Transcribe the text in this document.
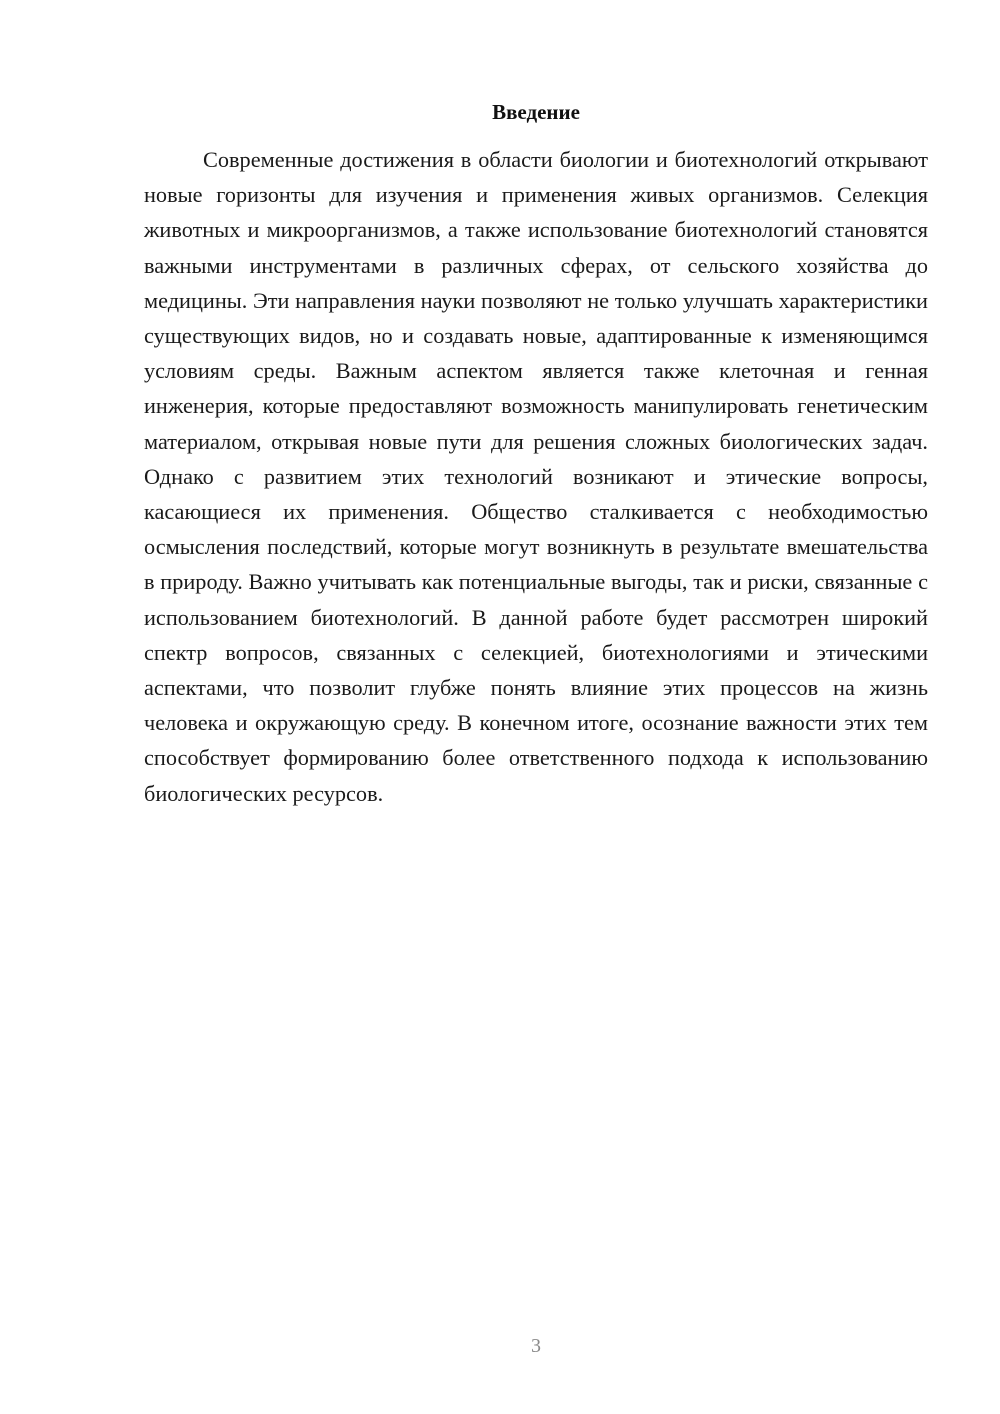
Введение

Современные достижения в области биологии и биотехнологий открывают новые горизонты для изучения и применения живых организмов. Селекция животных и микроорганизмов, а также использование биотехнологий становятся важными инструментами в различных сферах, от сельского хозяйства до медицины. Эти направления науки позволяют не только улучшать характеристики существующих видов, но и создавать новые, адаптированные к изменяющимся условиям среды. Важным аспектом является также клеточная и генная инженерия, которые предоставляют возможность манипулировать генетическим материалом, открывая новые пути для решения сложных биологических задач. Однако с развитием этих технологий возникают и этические вопросы, касающиеся их применения. Общество сталкивается с необходимостью осмысления последствий, которые могут возникнуть в результате вмешательства в природу. Важно учитывать как потенциальные выгоды, так и риски, связанные с использованием биотехнологий. В данной работе будет рассмотрен широкий спектр вопросов, связанных с селекцией, биотехнологиями и этическими аспектами, что позволит глубже понять влияние этих процессов на жизнь человека и окружающую среду. В конечном итоге, осознание важности этих тем способствует формированию более ответственного подхода к использованию биологических ресурсов.

3
